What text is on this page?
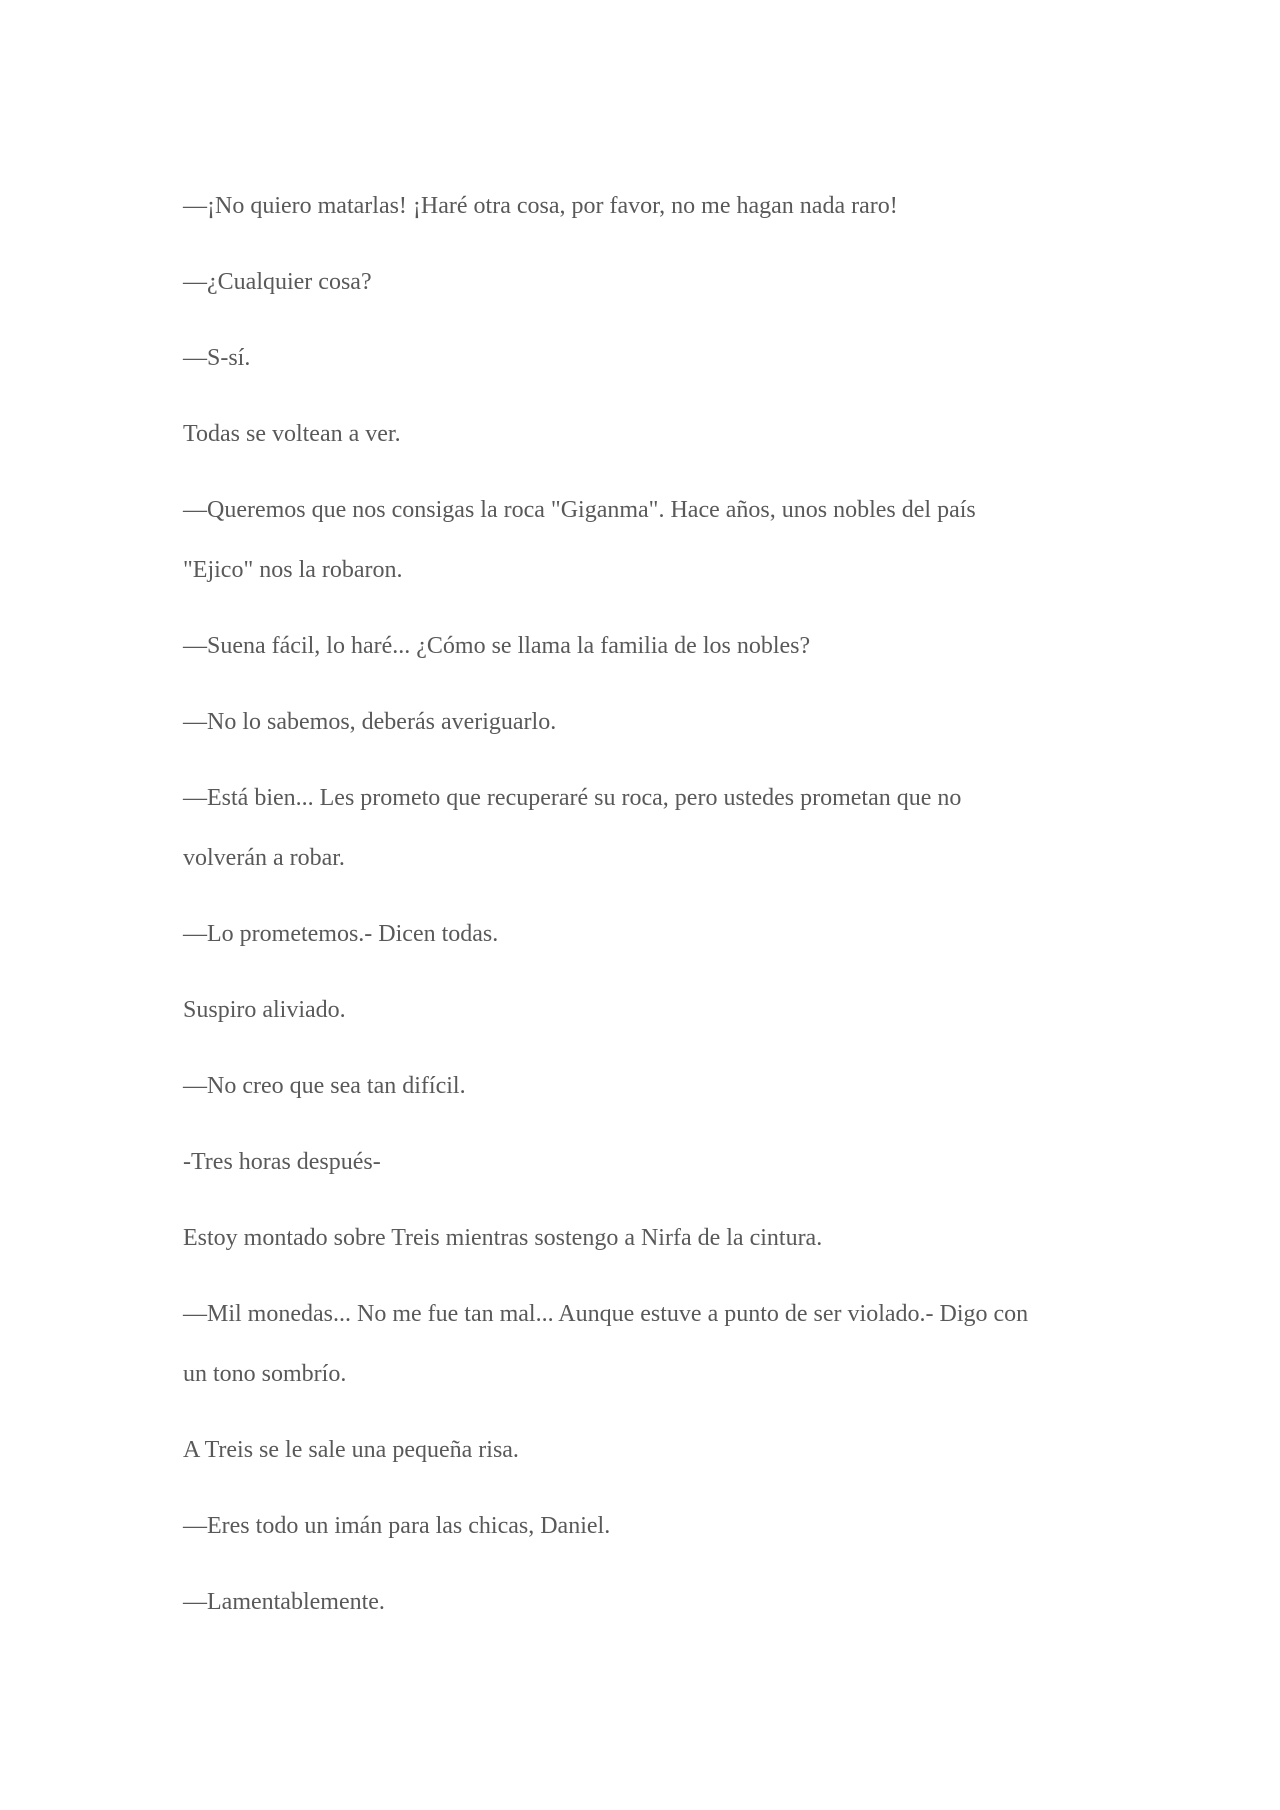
—¡No quiero matarlas! ¡Haré otra cosa, por favor, no me hagan nada raro!

—¿Cualquier cosa?

—S-sí.

Todas se voltean a ver.

—Queremos que nos consigas la roca "Giganma". Hace años, unos nobles del país
"Ejico" nos la robaron.

—Suena fácil, lo haré... ¿Cómo se llama la familia de los nobles?

—No lo sabemos, deberás averiguarlo.

—Está bien... Les prometo que recuperaré su roca, pero ustedes prometan que no
volverán a robar.

—Lo prometemos.- Dicen todas.

Suspiro aliviado.

—No creo que sea tan difícil.

-Tres horas después-

Estoy montado sobre Treis mientras sostengo a Nirfa de la cintura.

—Mil monedas... No me fue tan mal... Aunque estuve a punto de ser violado.- Digo con
un tono sombrío.

A Treis se le sale una pequeña risa.

—Eres todo un imán para las chicas, Daniel.

—Lamentablemente.
